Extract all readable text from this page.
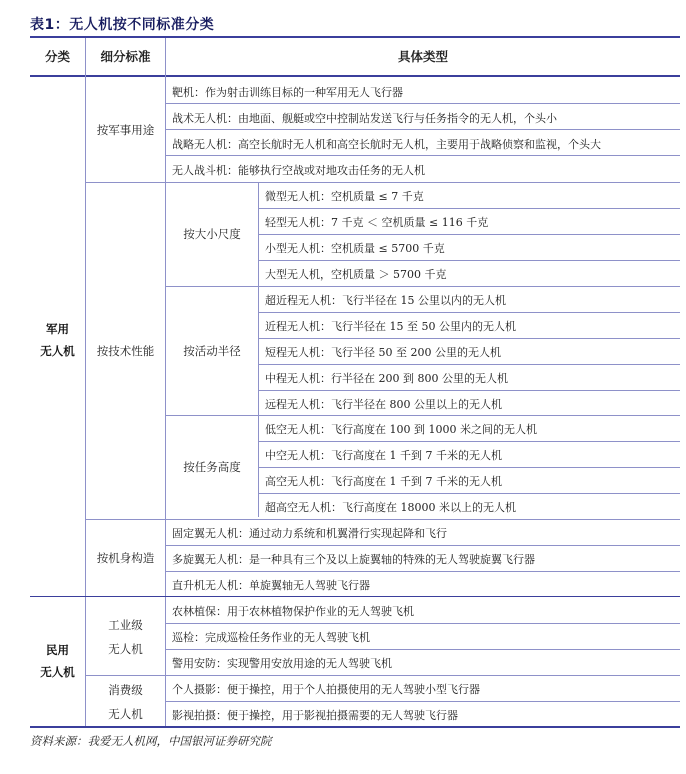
表1：无人机按不同标准分类
分类	细分标准	具体类型
军用
无人机
按军事用途
靶机：作为射击训练目标的一种军用无人飞行器
战术无人机：由地面、舰艇或空中控制站发送飞行与任务指令的无人机，个头小
战略无人机：高空长航时无人机和高空长航时无人机，主要用于战略侦察和监视，个头大
无人战斗机：能够执行空战或对地攻击任务的无人机
按技术性能
按大小尺度
微型无人机：空机质量 ≤ 7 千克
轻型无人机：7 千克 ＜ 空机质量 ≤ 116 千克
小型无人机：空机质量 ≤ 5700 千克
大型无人机，空机质量 ＞ 5700 千克
按活动半径
超近程无人机：飞行半径在 15 公里以内的无人机
近程无人机：飞行半径在 15 至 50 公里内的无人机
短程无人机：飞行半径 50 至 200 公里的无人机
中程无人机：行半径在 200 到 800 公里的无人机
远程无人机：飞行半径在 800 公里以上的无人机
按任务高度
低空无人机：飞行高度在 100 到 1000 米之间的无人机
中空无人机：飞行高度在 1 千到 7 千米的无人机
高空无人机：飞行高度在 1 千到 7 千米的无人机
超高空无人机：飞行高度在 18000 米以上的无人机
按机身构造
固定翼无人机：通过动力系统和机翼滑行实现起降和飞行
多旋翼无人机：是一种具有三个及以上旋翼轴的特殊的无人驾驶旋翼飞行器
直升机无人机：单旋翼轴无人驾驶飞行器
民用
无人机
工业级
无人机
农林植保：用于农林植物保护作业的无人驾驶飞机
巡检：完成巡检任务作业的无人驾驶飞机
警用安防：实现警用安放用途的无人驾驶飞机
消费级
无人机
个人摄影：便于操控，用于个人拍摄使用的无人驾驶小型飞行器
影视拍摄：便于操控，用于影视拍摄需要的无人驾驶飞行器
资料来源：我爱无人机网，中国银河证券研究院
